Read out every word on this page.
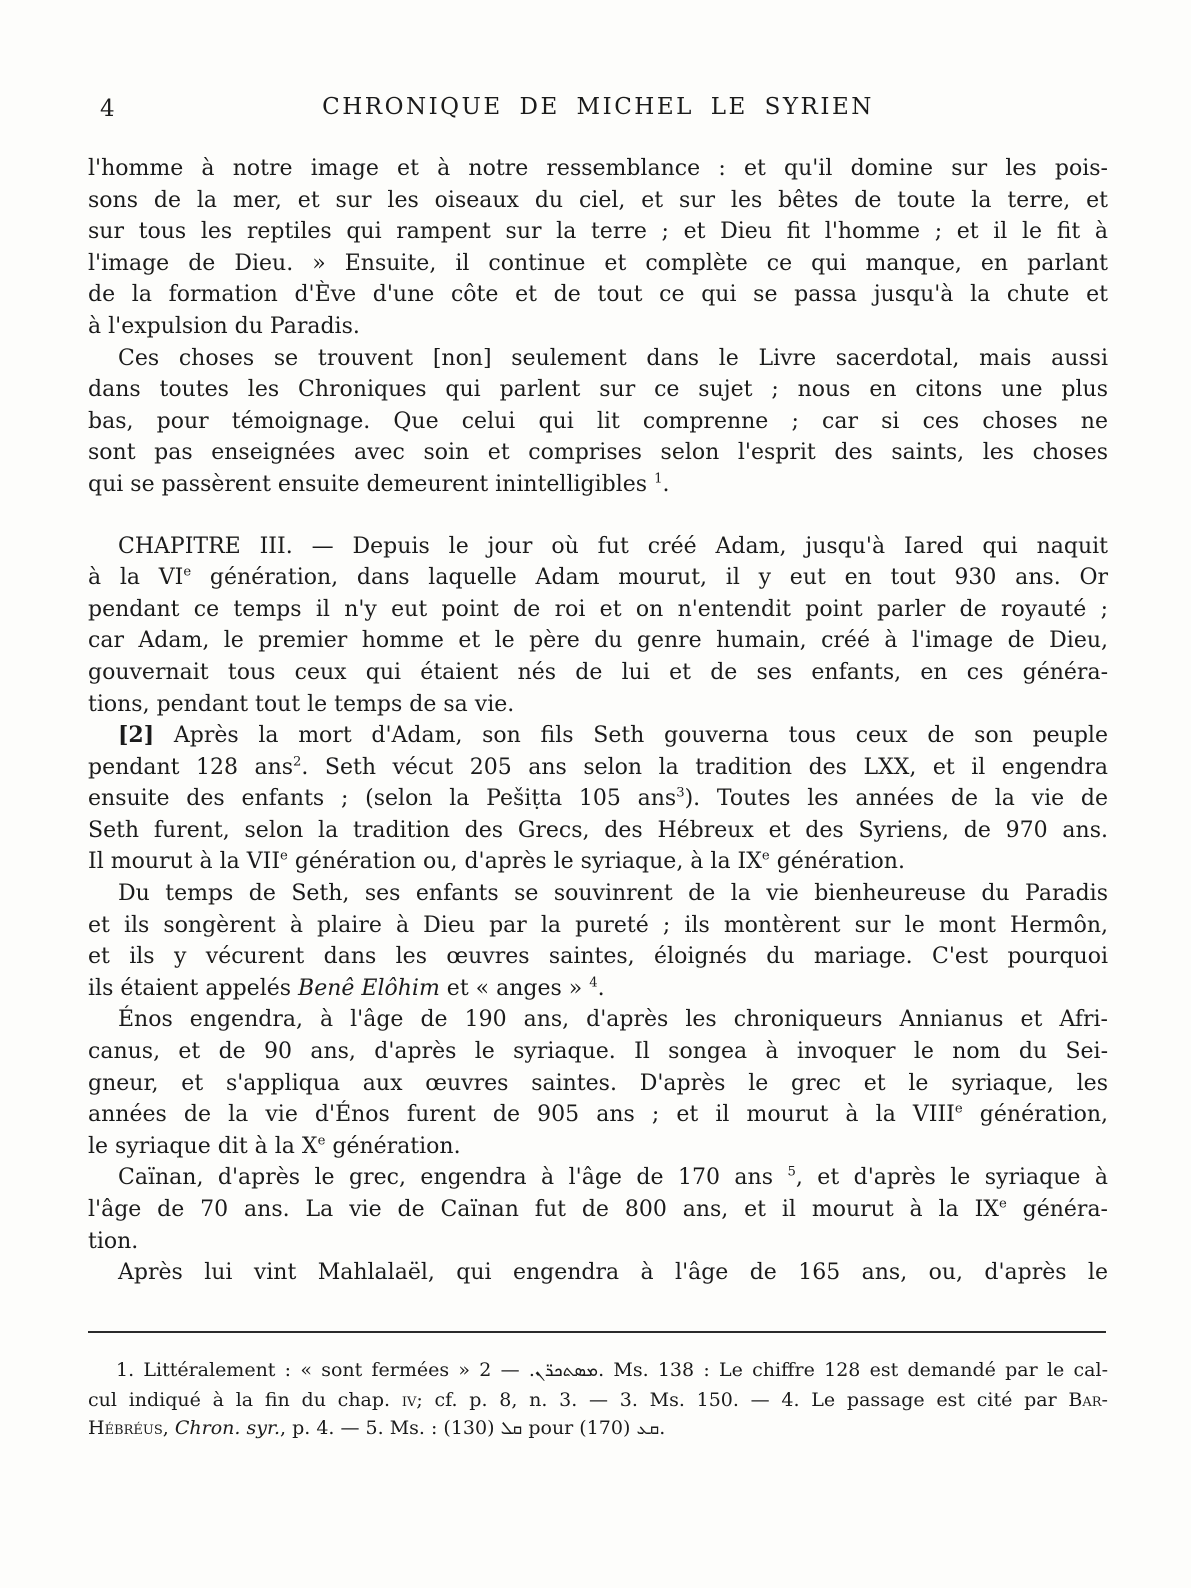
4	CHRONIQUE DE MICHEL LE SYRIEN
l'homme à notre image et à notre ressemblance : et qu'il domine sur les pois-
sons de la mer, et sur les oiseaux du ciel, et sur les bêtes de toute la terre, et
sur tous les reptiles qui rampent sur la terre ; et Dieu fit l'homme ; et il le fit à
l'image de Dieu. » Ensuite, il continue et complète ce qui manque, en parlant
de la formation d'Ève d'une côte et de tout ce qui se passa jusqu'à la chute et
à l'expulsion du Paradis.
Ces choses se trouvent [non] seulement dans le Livre sacerdotal, mais aussi
dans toutes les Chroniques qui parlent sur ce sujet ; nous en citons une plus
bas, pour témoignage. Que celui qui lit comprenne ; car si ces choses ne
sont pas enseignées avec soin et comprises selon l'esprit des saints, les choses
qui se passèrent ensuite demeurent inintelligibles $^1$.
CHAPITRE III. — Depuis le jour où fut créé Adam, jusqu'à Iared qui naquit
à la VIe génération, dans laquelle Adam mourut, il y eut en tout 930 ans. Or
pendant ce temps il n'y eut point de roi et on n'entendit point parler de royauté ;
car Adam, le premier homme et le père du genre humain, créé à l'image de Dieu,
gouvernait tous ceux qui étaient nés de lui et de ses enfants, en ces généra-
tions, pendant tout le temps de sa vie.
[2] Après la mort d'Adam, son fils Seth gouverna tous ceux de son peuple
pendant 128 ans$^2$. Seth vécut 205 ans selon la tradition des LXX, et il engendra
ensuite des enfants ; (selon la Pešiṭta 105 ans$^3$). Toutes les années de la vie de
Seth furent, selon la tradition des Grecs, des Hébreux et des Syriens, de 970 ans.
Il mourut à la VIIe génération ou, d'après le syriaque, à la IXe génération.
Du temps de Seth, ses enfants se souvinrent de la vie bienheureuse du Paradis
et ils songèrent à plaire à Dieu par la pureté ; ils montèrent sur le mont Hermôn,
et ils y vécurent dans les œuvres saintes, éloignés du mariage. C'est pourquoi
ils étaient appelés Benê Elôhim et « anges » $^4$.
Énos engendra, à l'âge de 190 ans, d'après les chroniqueurs Annianus et Afri-
canus, et de 90 ans, d'après le syriaque. Il songea à invoquer le nom du Sei-
gneur, et s'appliqua aux œuvres saintes. D'après le grec et le syriaque, les
années de la vie d'Énos furent de 905 ans ; et il mourut à la VIIIe génération,
le syriaque dit à la Xe génération.
Caïnan, d'après le grec, engendra à l'âge de 170 ans $^5$, et d'après le syriaque à
l'âge de 70 ans. La vie de Caïnan fut de 800 ans, et il mourut à la IXe généra-
tion.
Après lui vint Mahlalaël, qui engendra à l'âge de 165 ans, ou, d'après le
1. Littéralement : « sont fermées »	ܡܣܬܟܪ̈ܢ. — 2. Ms. 138 : Le chiffre 128 est demandé par le cal-
cul indiqué à la fin du chap. iv; cf. p. 8, n. 3. — 3. Ms. 150. — 4. Le passage est cité par Bar-
Hébréus, Chron. syr., p. 4. — 5. Ms. :	ܩܠ (130) pour	ܩܥ (170).
